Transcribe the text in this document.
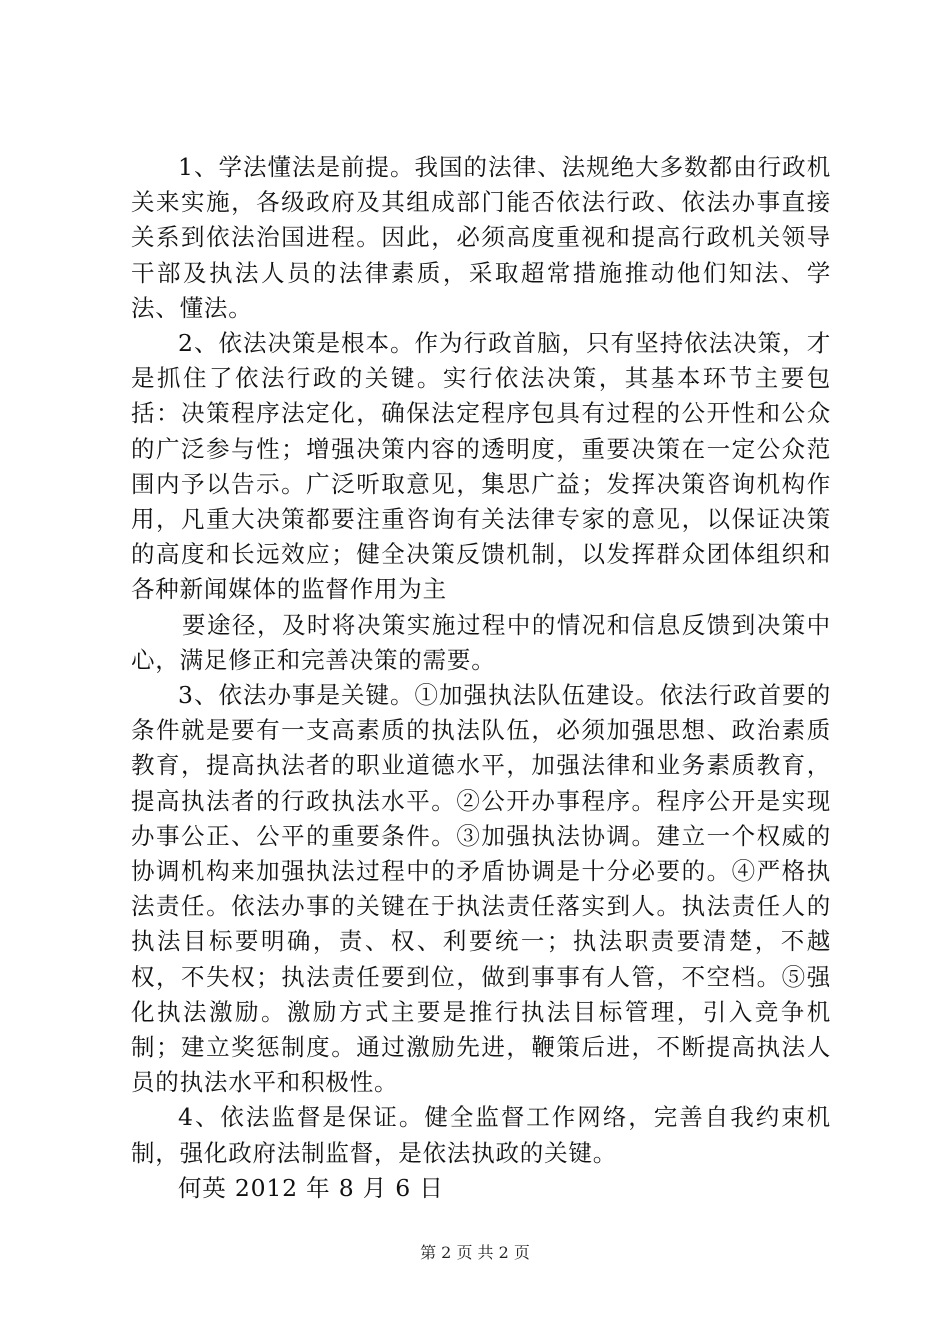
1、学法懂法是前提。我国的法律、法规绝大多数都由行政机关来实施，各级政府及其组成部门能否依法行政、依法办事直接关系到依法治国进程。因此，必须高度重视和提高行政机关领导干部及执法人员的法律素质，采取超常措施推动他们知法、学法、懂法。

2、依法决策是根本。作为行政首脑，只有坚持依法决策，才是抓住了依法行政的关键。实行依法决策，其基本环节主要包括：决策程序法定化，确保法定程序包具有过程的公开性和公众的广泛参与性；增强决策内容的透明度，重要决策在一定公众范围内予以告示。广泛听取意见，集思广益；发挥决策咨询机构作用，凡重大决策都要注重咨询有关法律专家的意见，以保证决策的高度和长远效应；健全决策反馈机制，以发挥群众团体组织和各种新闻媒体的监督作用为主

要途径，及时将决策实施过程中的情况和信息反馈到决策中心，满足修正和完善决策的需要。

3、依法办事是关键。①加强执法队伍建设。依法行政首要的条件就是要有一支高素质的执法队伍，必须加强思想、政治素质教育，提高执法者的职业道德水平，加强法律和业务素质教育，提高执法者的行政执法水平。②公开办事程序。程序公开是实现办事公正、公平的重要条件。③加强执法协调。建立一个权威的协调机构来加强执法过程中的矛盾协调是十分必要的。④严格执法责任。依法办事的关键在于执法责任落实到人。执法责任人的执法目标要明确，责、权、利要统一；执法职责要清楚，不越权，不失权；执法责任要到位，做到事事有人管，不空档。⑤强化执法激励。激励方式主要是推行执法目标管理，引入竞争机制；建立奖惩制度。通过激励先进，鞭策后进，不断提高执法人员的执法水平和积极性。

4、依法监督是保证。健全监督工作网络，完善自我约束机制，强化政府法制监督，是依法执政的关键。

何英 2012 年 8 月 6 日

第 2 页 共 2 页
